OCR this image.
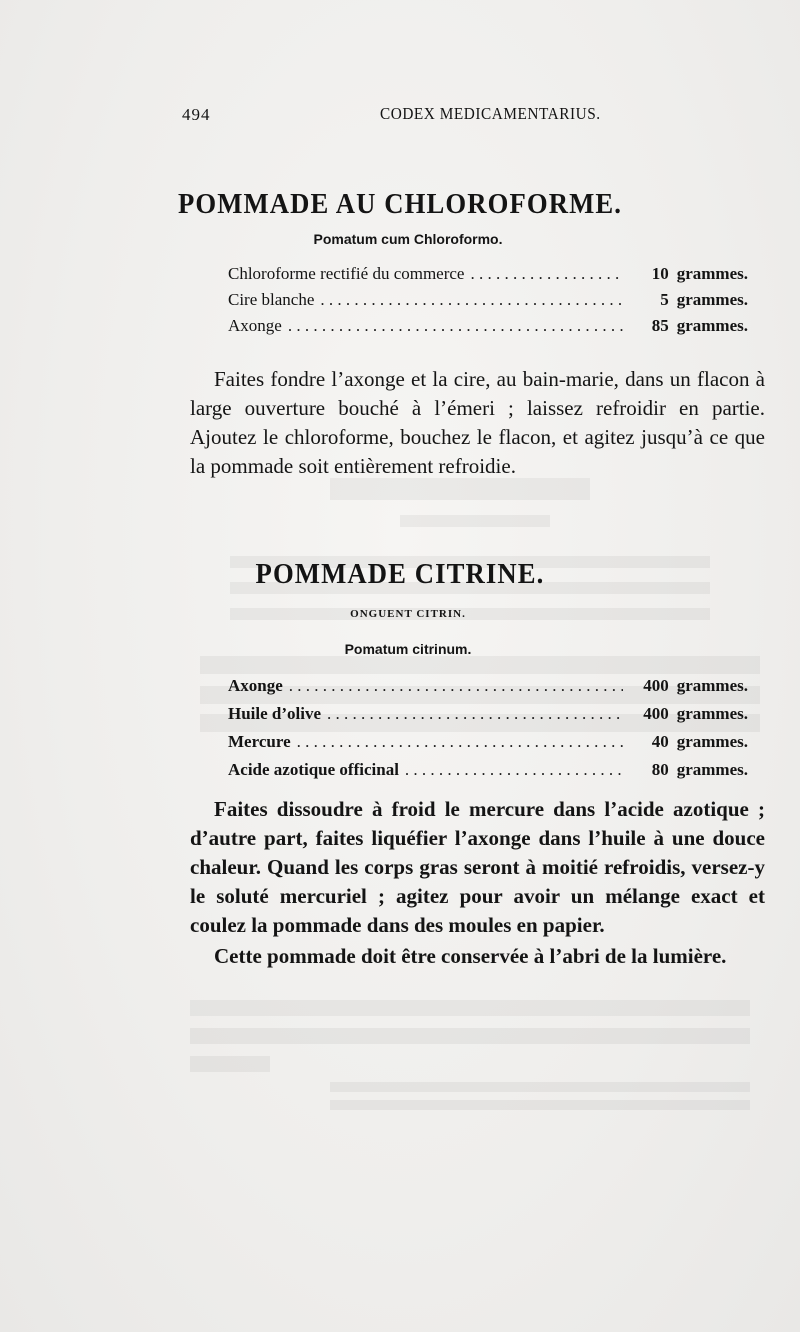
494	CODEX MEDICAMENTARIUS.
POMMADE AU CHLOROFORME.
Pomatum cum Chloroformo.
Chloroforme rectifié du commerce . . .	10 grammes.
Cire blanche . . .	5 grammes.
Axonge . . .	85 grammes.

Faites fondre l’axonge et la cire, au bain-marie, dans un flacon à large ouverture bouché à l’émeri ; laissez refroidir en partie. Ajoutez le chloroforme, bouchez le flacon, et agitez jusqu’à ce que la pommade soit entièrement refroidie.

POMMADE CITRINE.
ONGUENT CITRIN.
Pomatum citrinum.
Axonge . . .	400 grammes.
Huile d’olive . . .	400 grammes.
Mercure . . .	40 grammes.
Acide azotique officinal . . .	80 grammes.

Faites dissoudre à froid le mercure dans l’acide azotique ; d’autre part, faites liquéfier l’axonge dans l’huile à une douce chaleur. Quand les corps gras seront à moitié refroidis, versez-y le soluté mercuriel ; agitez pour avoir un mélange exact et coulez la pommade dans des moules en papier.

Cette pommade doit être conservée à l’abri de la lumière.
